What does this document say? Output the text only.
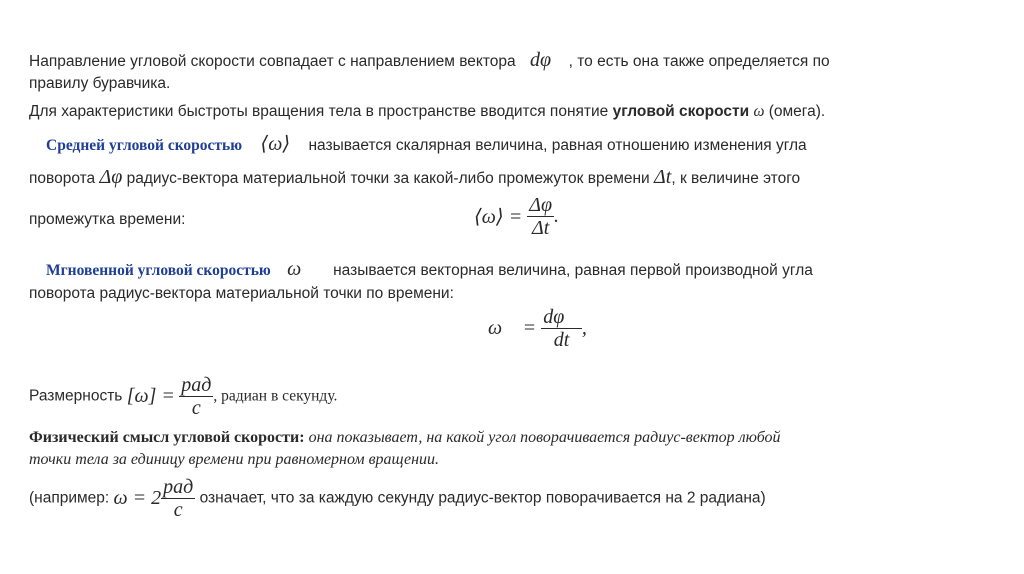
Направление угловой скорости совпадает с направлением вектора dφ⃗ , то есть она также определяется по
правилу буравчика.
Для характеристики быстроты вращения тела в пространстве вводится понятие угловой скорости ω (омега).
Средней угловой скоростью ⟨ω⟩ называется скалярная величина, равная отношению изменения угла
поворота Δφ радиус-вектора материальной точки за какой-либо промежуток времени Δt, к величине этого
промежутка времени:	⟨ω⟩ = $\frac{\Delta\varphi}{\Delta t}$ .
Мгновенной угловой скоростью ω⃗ называется векторная величина, равная первой производной угла
поворота радиус-вектора материальной точки по времени:
ω⃗ = $\frac{d\varphi⃗}{dt}$ ,
Размерность $[\omega] = \frac{\text{рад}}{c}$ , радиан в секунду.
Физический смысл угловой скорости: она показывает, на какой угол поворачивается радиус-вектор любой
точки тела за единицу времени при равномерном вращении.
(например: $\omega = 2 \frac{\text{рад}}{c}$ означает, что за каждую секунду радиус-вектор поворачивается на 2 радиана)
